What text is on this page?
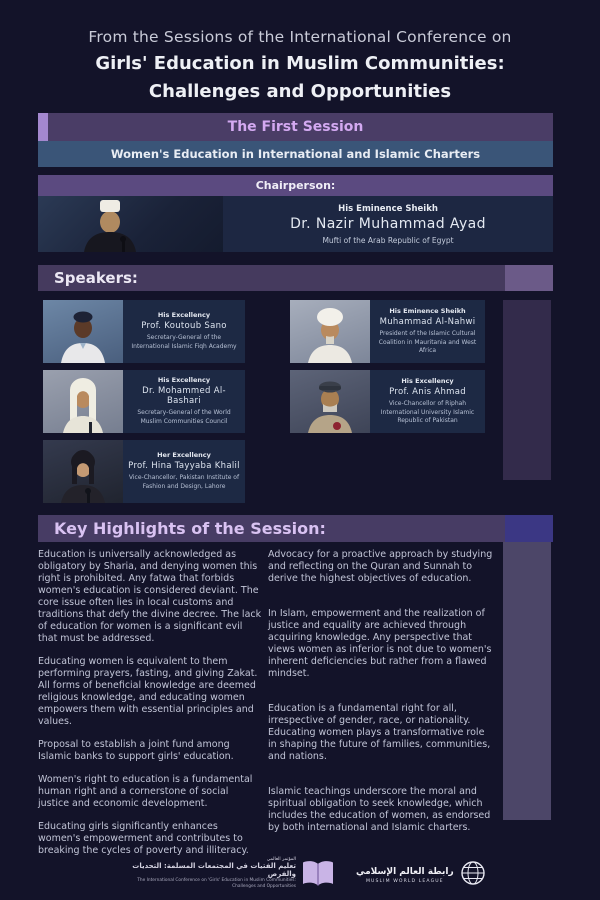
From the Sessions of the International Conference on
Girls' Education in Muslim Communities:
Challenges and Opportunities
The First Session
Women's Education in International and Islamic Charters
Chairperson:
His Eminence Sheikh
Dr. Nazir Muhammad Ayad
Mufti of the Arab Republic of Egypt
Speakers:
His Excellency
Prof. Koutoub Sano
Secretary-General of the International Islamic Fiqh Academy
His Eminence Sheikh
Muhammad Al-Nahwi
President of the Islamic Cultural Coalition in Mauritania and West Africa
His Excellency
Dr. Mohammed Al-Bashari
Secretary-General of the World Muslim Communities Council
His Excellency
Prof. Anis Ahmad
Vice-Chancellor of Riphah International University Islamic Republic of Pakistan
Her Excellency
Prof. Hina Tayyaba Khalil
Vice-Chancellor, Pakistan Institute of Fashion and Design, Lahore
Key Highlights of the Session:

Education is universally acknowledged as obligatory by Sharia, and denying women this right is prohibited. Any fatwa that forbids women's education is considered deviant. The core issue often lies in local customs and traditions that defy the divine decree. The lack of education for women is a significant evil that must be addressed.

Educating women is equivalent to them performing prayers, fasting, and giving Zakat. All forms of beneficial knowledge are deemed religious knowledge, and educating women empowers them with essential principles and values.

Proposal to establish a joint fund among Islamic banks to support girls' education.

Women's right to education is a fundamental human right and a cornerstone of social justice and economic development.

Educating girls significantly enhances women's empowerment and contributes to breaking the cycles of poverty and illiteracy.

Advocacy for a proactive approach by studying and reflecting on the Quran and Sunnah to derive the highest objectives of education.

In Islam, empowerment and the realization of justice and equality are achieved through acquiring knowledge. Any perspective that views women as inferior is not due to women's inherent deficiencies but rather from a flawed mindset.

Education is a fundamental right for all, irrespective of gender, race, or nationality. Educating women plays a transformative role in shaping the future of families, communities, and nations.

Islamic teachings underscore the moral and spiritual obligation to seek knowledge, which includes the education of women, as endorsed by both international and Islamic charters.

المؤتمر العالمي
تعليم الفتيات في المجتمعات المسلمة: التحديات والفرص
The International Conference on 'Girls' Education in Muslim Communities:
Challenges and Opportunities
رابطة العالم الإسلامي
MUSLIM WORLD LEAGUE
